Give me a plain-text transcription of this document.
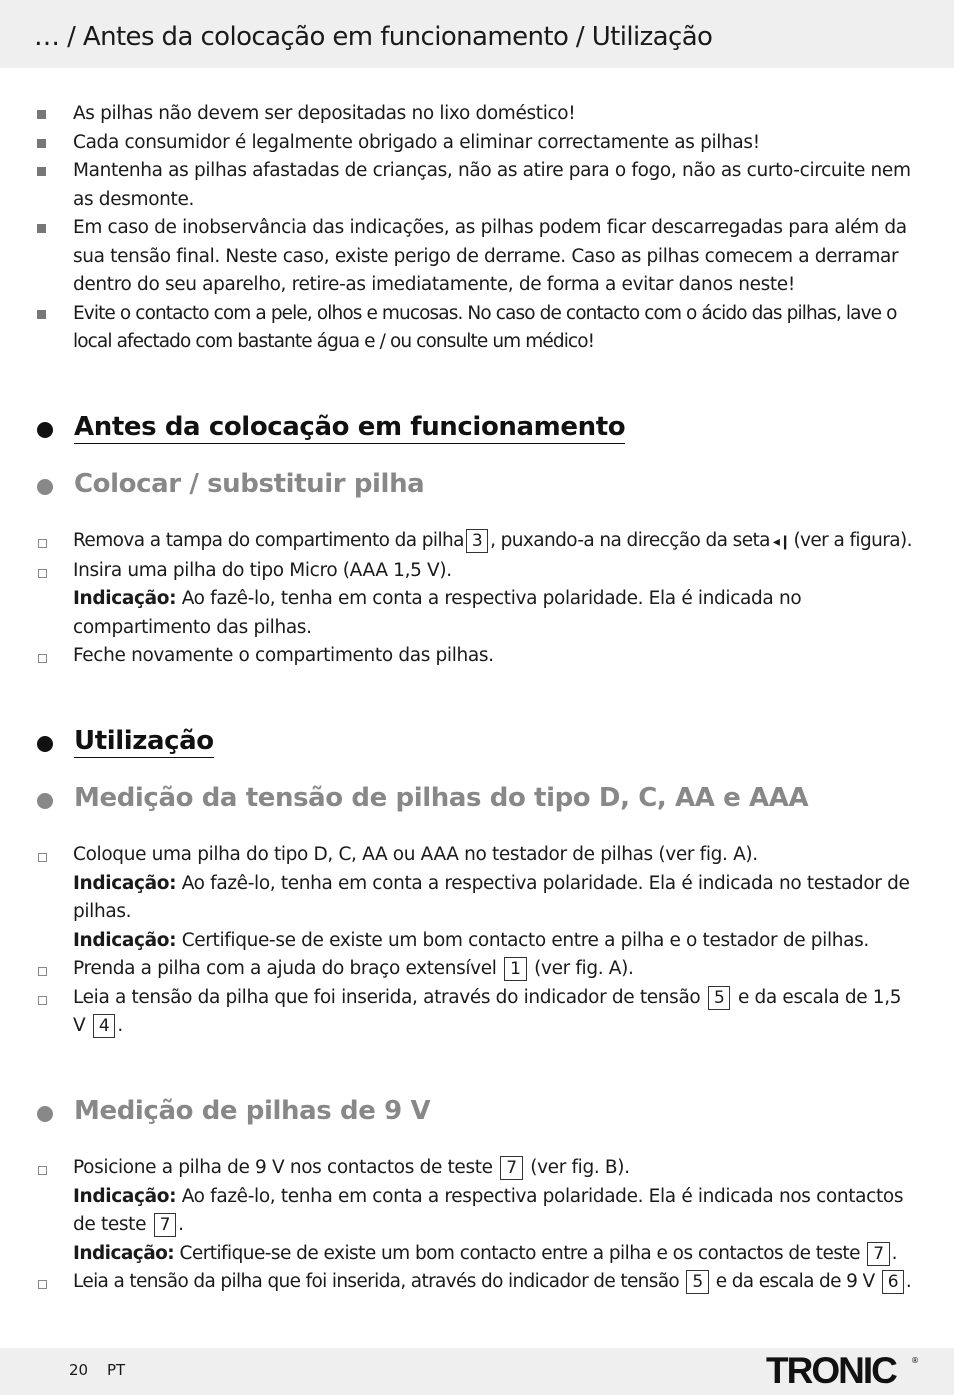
… / Antes da colocação em funcionamento / Utilização
As pilhas não devem ser depositadas no lixo doméstico!
Cada consumidor é legalmente obrigado a eliminar correctamente as pilhas!
Mantenha as pilhas afastadas de crianças, não as atire para o fogo, não as curto-circuite nem as desmonte.
Em caso de inobservância das indicações, as pilhas podem ficar descarregadas para além da sua tensão final. Neste caso, existe perigo de derrame. Caso as pilhas comecem a derramar dentro do seu aparelho, retire-as imediatamente, de forma a evitar danos neste!
Evite o contacto com a pele, olhos e mucosas. No caso de contacto com o ácido das pilhas, lave o local afectado com bastante água e / ou consulte um médico!
Antes da colocação em funcionamento
Colocar / substituir pilha
Remova a tampa do compartimento da pilha 3 , puxando-a na direcção da seta ◂❙ (ver a figura).
Insira uma pilha do tipo Micro (AAA 1,5 V).
Indicação: Ao fazê-lo, tenha em conta a respectiva polaridade. Ela é indicada no compartimento das pilhas.
Feche novamente o compartimento das pilhas.
Utilização
Medição da tensão de pilhas do tipo D, C, AA e AAA
Coloque uma pilha do tipo D, C, AA ou AAA no testador de pilhas (ver fig. A).
Indicação: Ao fazê-lo, tenha em conta a respectiva polaridade. Ela é indicada no testador de pilhas.
Indicação: Certifique-se de existe um bom contacto entre a pilha e o testador de pilhas.
Prenda a pilha com a ajuda do braço extensível 1 (ver fig. A).
Leia a tensão da pilha que foi inserida, através do indicador de tensão 5 e da escala de 1,5 V 4 .
Medição de pilhas de 9 V
Posicione a pilha de 9 V nos contactos de teste 7 (ver fig. B).
Indicação: Ao fazê-lo, tenha em conta a respectiva polaridade. Ela é indicada nos contactos de teste 7 .
Indicação: Certifique-se de existe um bom contacto entre a pilha e os contactos de teste 7 .
Leia a tensão da pilha que foi inserida, através do indicador de tensão 5 e da escala de 9 V 6 .
20 PT	TRONIC ®
